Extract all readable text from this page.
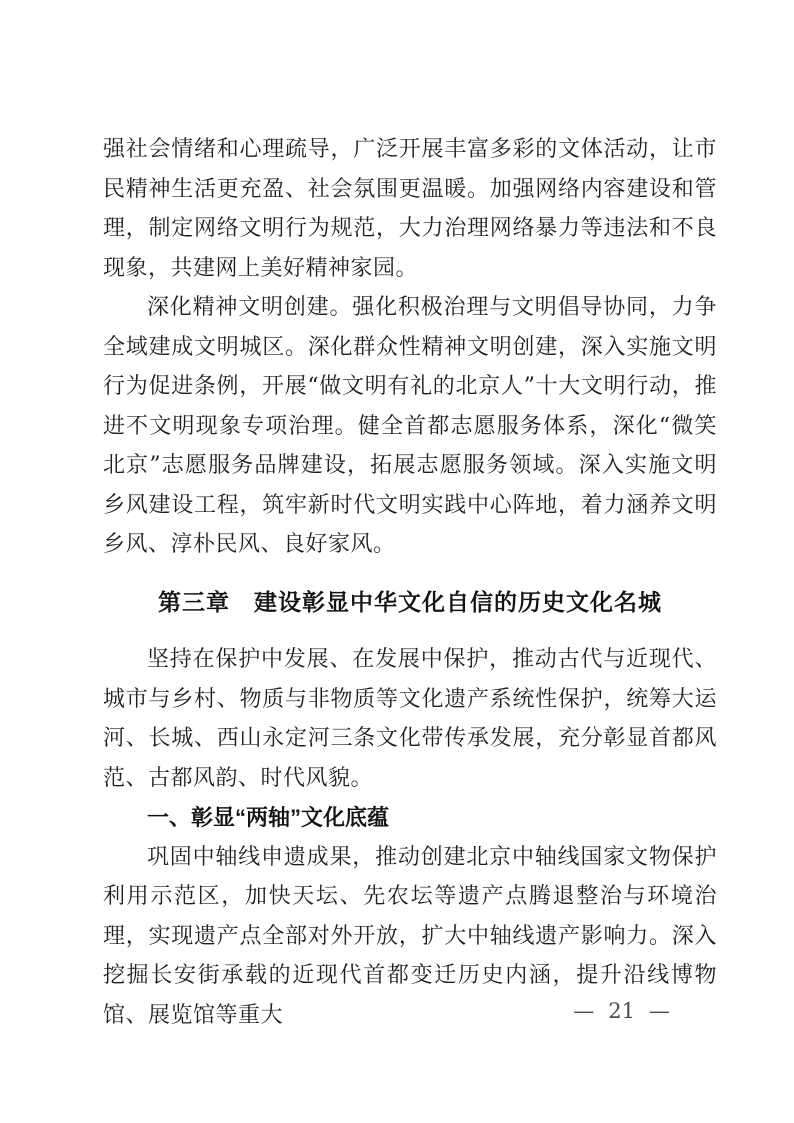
强社会情绪和心理疏导，广泛开展丰富多彩的文体活动，让市民精神生活更充盈、社会氛围更温暖。加强网络内容建设和管理，制定网络文明行为规范，大力治理网络暴力等违法和不良现象，共建网上美好精神家园。

深化精神文明创建。强化积极治理与文明倡导协同，力争全域建成文明城区。深化群众性精神文明创建，深入实施文明行为促进条例，开展“做文明有礼的北京人”十大文明行动，推进不文明现象专项治理。健全首都志愿服务体系，深化“微笑北京”志愿服务品牌建设，拓展志愿服务领域。深入实施文明乡风建设工程，筑牢新时代文明实践中心阵地，着力涵养文明乡风、淳朴民风、良好家风。

第三章　建设彰显中华文化自信的历史文化名城

坚持在保护中发展、在发展中保护，推动古代与近现代、城市与乡村、物质与非物质等文化遗产系统性保护，统筹大运河、长城、西山永定河三条文化带传承发展，充分彰显首都风范、古都风韵、时代风貌。

一、彰显“两轴”文化底蕴

巩固中轴线申遗成果，推动创建北京中轴线国家文物保护利用示范区，加快天坛、先农坛等遗产点腾退整治与环境治理，实现遗产点全部对外开放，扩大中轴线遗产影响力。深入挖掘长安街承载的近现代首都变迁历史内涵，提升沿线博物馆、展览馆等重大	— 21 —
